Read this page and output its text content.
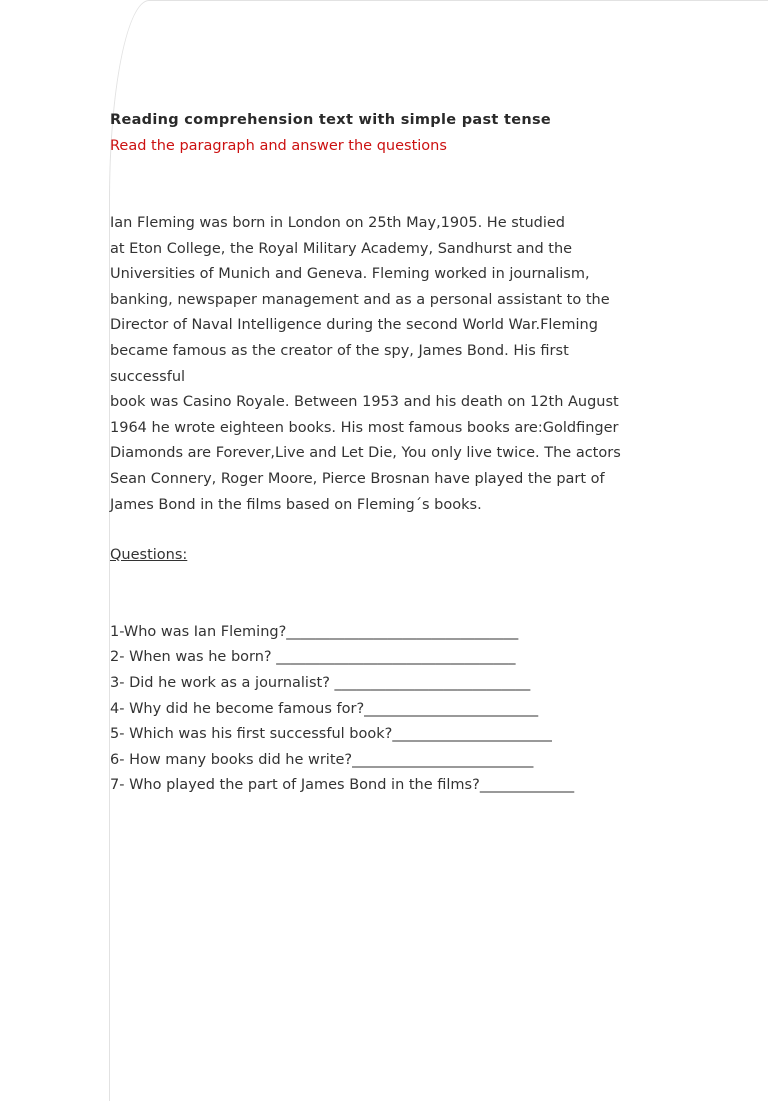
Reading comprehension text with simple past tense
Read the paragraph and answer the questions
Ian Fleming was born in London on 25th May,1905. He studied
at Eton College, the Royal Military Academy, Sandhurst and the
Universities of Munich and Geneva. Fleming worked in journalism,
banking, newspaper management and as a personal assistant to the
Director of Naval Intelligence during the second World War.Fleming
became famous as the creator of the spy, James Bond. His first
successful
book was Casino Royale. Between 1953 and his death on 12th August
1964 he wrote eighteen books. His most famous books are:Goldfinger
Diamonds are Forever,Live and Let Die, You only live twice. The actors
Sean Connery, Roger Moore, Pierce Brosnan have played the part of
James Bond in the films based on Fleming´s books.
Questions:
1-Who was Ian Fleming?________________________________
2- When was he born? _________________________________
3- Did he work as a journalist? ___________________________
4- Why did he become famous for?________________________
5- Which was his first successful book?______________________
6- How many books did he write?_________________________
7- Who played the part of James Bond in the films?_____________
